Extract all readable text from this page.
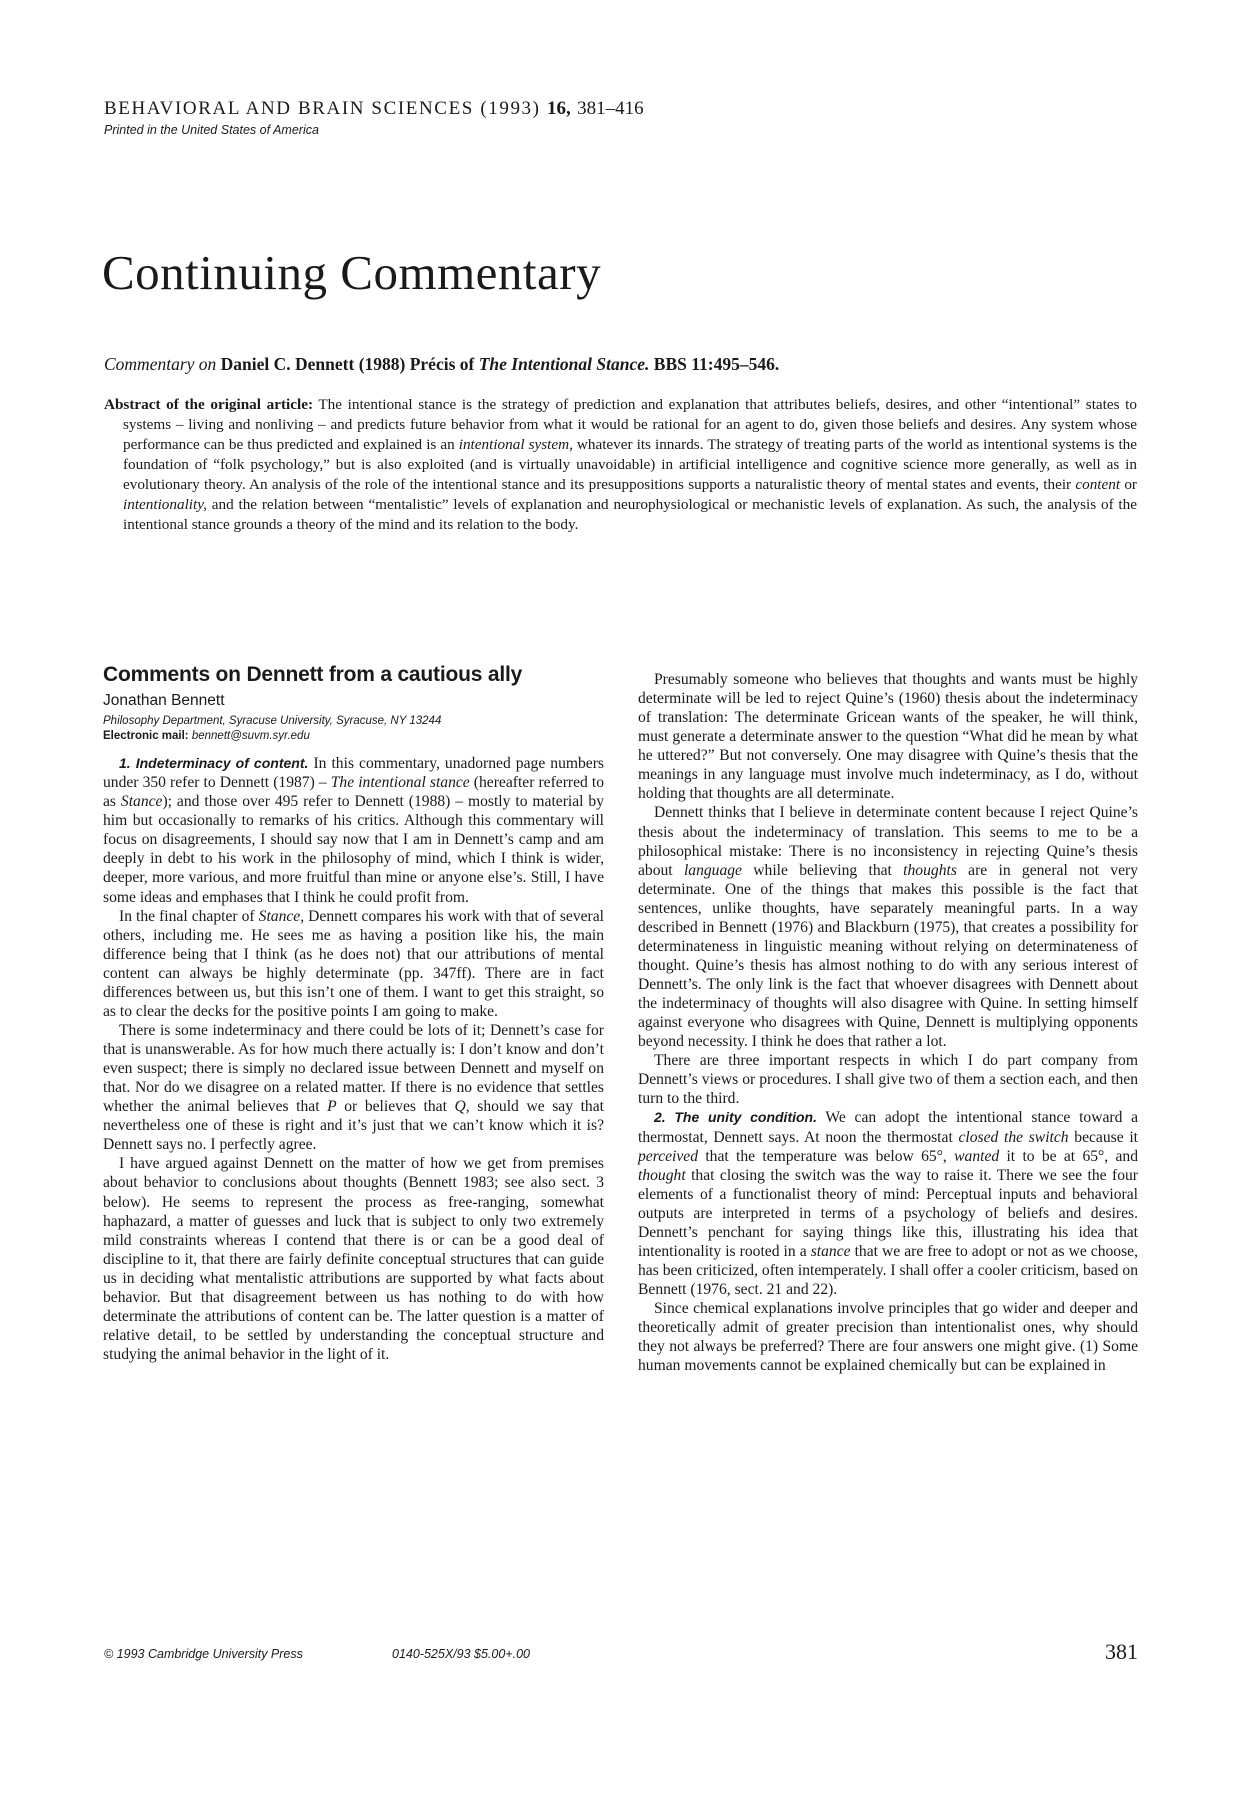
BEHAVIORAL AND BRAIN SCIENCES (1993) 16, 381–416
Printed in the United States of America
Continuing Commentary
Commentary on Daniel C. Dennett (1988) Précis of The Intentional Stance. BBS 11:495–546.

Abstract of the original article: The intentional stance is the strategy of prediction and explanation that attributes beliefs, desires, and other “intentional” states to systems – living and nonliving – and predicts future behavior from what it would be rational for an agent to do, given those beliefs and desires. Any system whose performance can be thus predicted and explained is an intentional system, whatever its innards. The strategy of treating parts of the world as intentional systems is the foundation of “folk psychology,” but is also exploited (and is virtually unavoidable) in artificial intelligence and cognitive science more generally, as well as in evolutionary theory. An analysis of the role of the intentional stance and its presuppositions supports a naturalistic theory of mental states and events, their content or intentionality, and the relation between “mentalistic” levels of explanation and neurophysiological or mechanistic levels of explanation. As such, the analysis of the intentional stance grounds a theory of the mind and its relation to the body.

Comments on Dennett from a cautious ally
Jonathan Bennett
Philosophy Department, Syracuse University, Syracuse, NY 13244
Electronic mail: bennett@suvm.syr.edu

1. Indeterminacy of content. In this commentary, unadorned page numbers under 350 refer to Dennett (1987) – The intentional stance (hereafter referred to as Stance); and those over 495 refer to Dennett (1988) – mostly to material by him but occasionally to remarks of his critics. Although this commentary will focus on disagreements, I should say now that I am in Dennett’s camp and am deeply in debt to his work in the philosophy of mind, which I think is wider, deeper, more various, and more fruitful than mine or anyone else’s. Still, I have some ideas and emphases that I think he could profit from.

In the final chapter of Stance, Dennett compares his work with that of several others, including me. He sees me as having a position like his, the main difference being that I think (as he does not) that our attributions of mental content can always be highly determinate (pp. 347ff). There are in fact differences between us, but this isn’t one of them. I want to get this straight, so as to clear the decks for the positive points I am going to make.

There is some indeterminacy and there could be lots of it; Dennett’s case for that is unanswerable. As for how much there actually is: I don’t know and don’t even suspect; there is simply no declared issue between Dennett and myself on that. Nor do we disagree on a related matter. If there is no evidence that settles whether the animal believes that P or believes that Q, should we say that nevertheless one of these is right and it’s just that we can’t know which it is? Dennett says no. I perfectly agree.

I have argued against Dennett on the matter of how we get from premises about behavior to conclusions about thoughts (Bennett 1983; see also sect. 3 below). He seems to represent the process as free-ranging, somewhat haphazard, a matter of guesses and luck that is subject to only two extremely mild constraints whereas I contend that there is or can be a good deal of discipline to it, that there are fairly definite conceptual structures that can guide us in deciding what mentalistic attributions are supported by what facts about behavior. But that disagreement between us has nothing to do with how determinate the attributions of content can be. The latter question is a matter of relative detail, to be settled by understanding the conceptual structure and studying the animal behavior in the light of it.

Presumably someone who believes that thoughts and wants must be highly determinate will be led to reject Quine’s (1960) thesis about the indeterminacy of translation: The determinate Gricean wants of the speaker, he will think, must generate a determinate answer to the question “What did he mean by what he uttered?” But not conversely. One may disagree with Quine’s thesis that the meanings in any language must involve much indeterminacy, as I do, without holding that thoughts are all determinate.

Dennett thinks that I believe in determinate content because I reject Quine’s thesis about the indeterminacy of translation. This seems to me to be a philosophical mistake: There is no inconsistency in rejecting Quine’s thesis about language while believing that thoughts are in general not very determinate. One of the things that makes this possible is the fact that sentences, unlike thoughts, have separately meaningful parts. In a way described in Bennett (1976) and Blackburn (1975), that creates a possibility for determinateness in linguistic meaning without relying on determinateness of thought. Quine’s thesis has almost nothing to do with any serious interest of Dennett’s. The only link is the fact that whoever disagrees with Dennett about the indeterminacy of thoughts will also disagree with Quine. In setting himself against everyone who disagrees with Quine, Dennett is multiplying opponents beyond necessity. I think he does that rather a lot.

There are three important respects in which I do part company from Dennett’s views or procedures. I shall give two of them a section each, and then turn to the third.

2. The unity condition. We can adopt the intentional stance toward a thermostat, Dennett says. At noon the thermostat closed the switch because it perceived that the temperature was below 65°, wanted it to be at 65°, and thought that closing the switch was the way to raise it. There we see the four elements of a functionalist theory of mind: Perceptual inputs and behavioral outputs are interpreted in terms of a psychology of beliefs and desires. Dennett’s penchant for saying things like this, illustrating his idea that intentionality is rooted in a stance that we are free to adopt or not as we choose, has been criticized, often intemperately. I shall offer a cooler criticism, based on Bennett (1976, sect. 21 and 22).

Since chemical explanations involve principles that go wider and deeper and theoretically admit of greater precision than intentionalist ones, why should they not always be preferred? There are four answers one might give. (1) Some human movements cannot be explained chemically but can be explained in

© 1993 Cambridge University Press	0140-525X/93 $5.00+.00	381
